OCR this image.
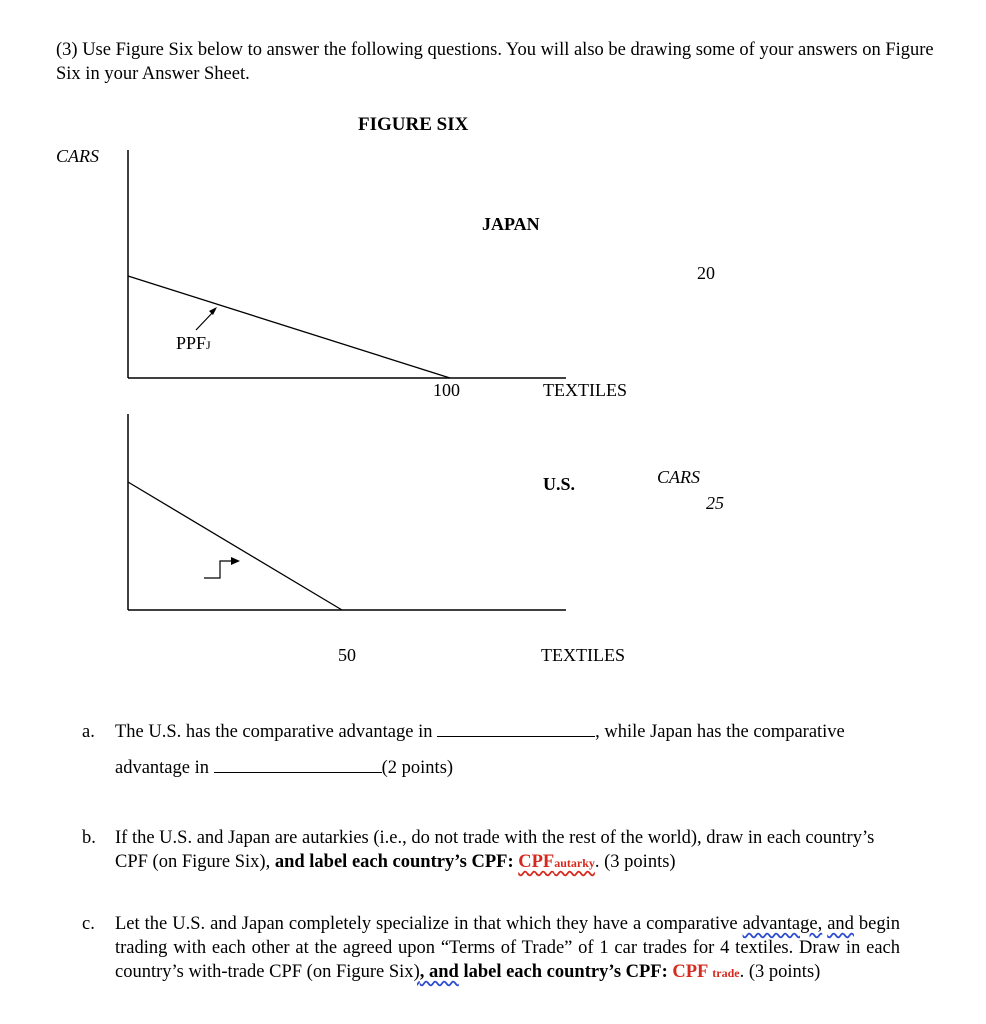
(3) Use Figure Six below to answer the following questions. You will also be drawing some of your answers on Figure Six in your Answer Sheet.
FIGURE SIX
CARS
JAPAN
20
PPFJ
100	TEXTILES
U.S.	CARS
25
50	TEXTILES
a. The U.S. has the comparative advantage in	, while Japan has the comparative
advantage in	(2 points)
b. If the U.S. and Japan are autarkies (i.e., do not trade with the rest of the world), draw in each country’s CPF (on Figure Six), and label each country’s CPF: CPFautarky. (3 points)
c. Let the U.S. and Japan completely specialize in that which they have a comparative advantage, and begin trading with each other at the agreed upon “Terms of Trade” of 1 car trades for 4 textiles. Draw in each country’s with-trade CPF (on Figure Six), and label each country’s CPF: CPF trade. (3 points)
